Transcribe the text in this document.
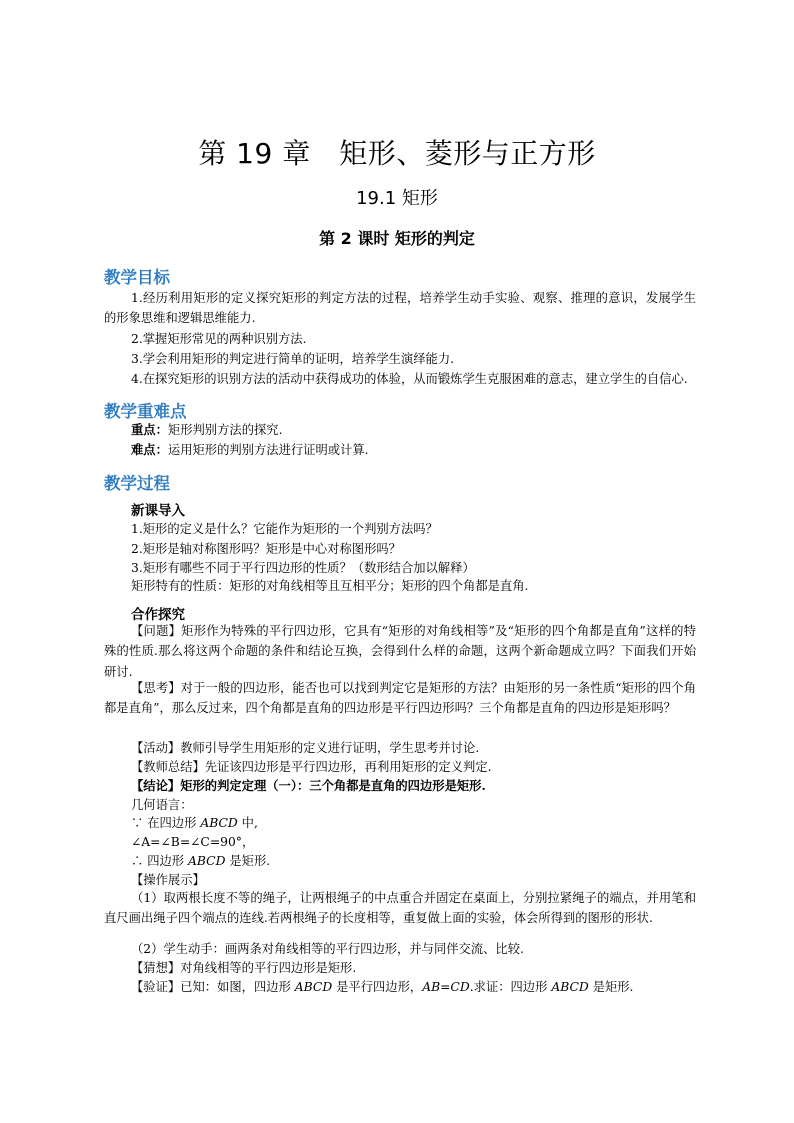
第 19 章　矩形、菱形与正方形
19.1 矩形
第 2 课时 矩形的判定
教学目标
1.经历利用矩形的定义探究矩形的判定方法的过程，培养学生动手实验、观察、推理的意识，发展学生的形象思维和逻辑思维能力.
2.掌握矩形常见的两种识别方法.
3.学会利用矩形的判定进行简单的证明，培养学生演绎能力.
4.在探究矩形的识别方法的活动中获得成功的体验，从而锻炼学生克服困难的意志，建立学生的自信心.
教学重难点
重点：矩形判别方法的探究.
难点：运用矩形的判别方法进行证明或计算.
教学过程
新课导入
1.矩形的定义是什么？它能作为矩形的一个判别方法吗？
2.矩形是轴对称图形吗？矩形是中心对称图形吗？
3.矩形有哪些不同于平行四边形的性质？（数形结合加以解释）
矩形特有的性质：矩形的对角线相等且互相平分；矩形的四个角都是直角.
合作探究
【问题】矩形作为特殊的平行四边形，它具有“矩形的对角线相等”及“矩形的四个角都是直角”这样的特殊的性质.那么将这两个命题的条件和结论互换，会得到什么样的命题，这两个新命题成立吗？下面我们开始研讨.
【思考】对于一般的四边形，能否也可以找到判定它是矩形的方法？由矩形的另一条性质“矩形的四个角都是直角”，那么反过来，四个角都是直角的四边形是平行四边形吗？三个角都是直角的四边形是矩形吗？
【活动】教师引导学生用矩形的定义进行证明，学生思考并讨论.
【教师总结】先证该四边形是平行四边形，再利用矩形的定义判定.
【结论】矩形的判定定理（一）：三个角都是直角的四边形是矩形.
几何语言：
∵ 在四边形 ABCD 中,
∠A=∠B=∠C=90°，
∴ 四边形 ABCD 是矩形.
【操作展示】
（1）取两根长度不等的绳子，让两根绳子的中点重合并固定在桌面上，分别拉紧绳子的端点，并用笔和直尺画出绳子四个端点的连线.若两根绳子的长度相等，重复做上面的实验，体会所得到的图形的形状.
（2）学生动手：画两条对角线相等的平行四边形，并与同伴交流、比较.
【猜想】对角线相等的平行四边形是矩形.
【验证】已知：如图，四边形 ABCD 是平行四边形，AB=CD.求证：四边形 ABCD 是矩形.
